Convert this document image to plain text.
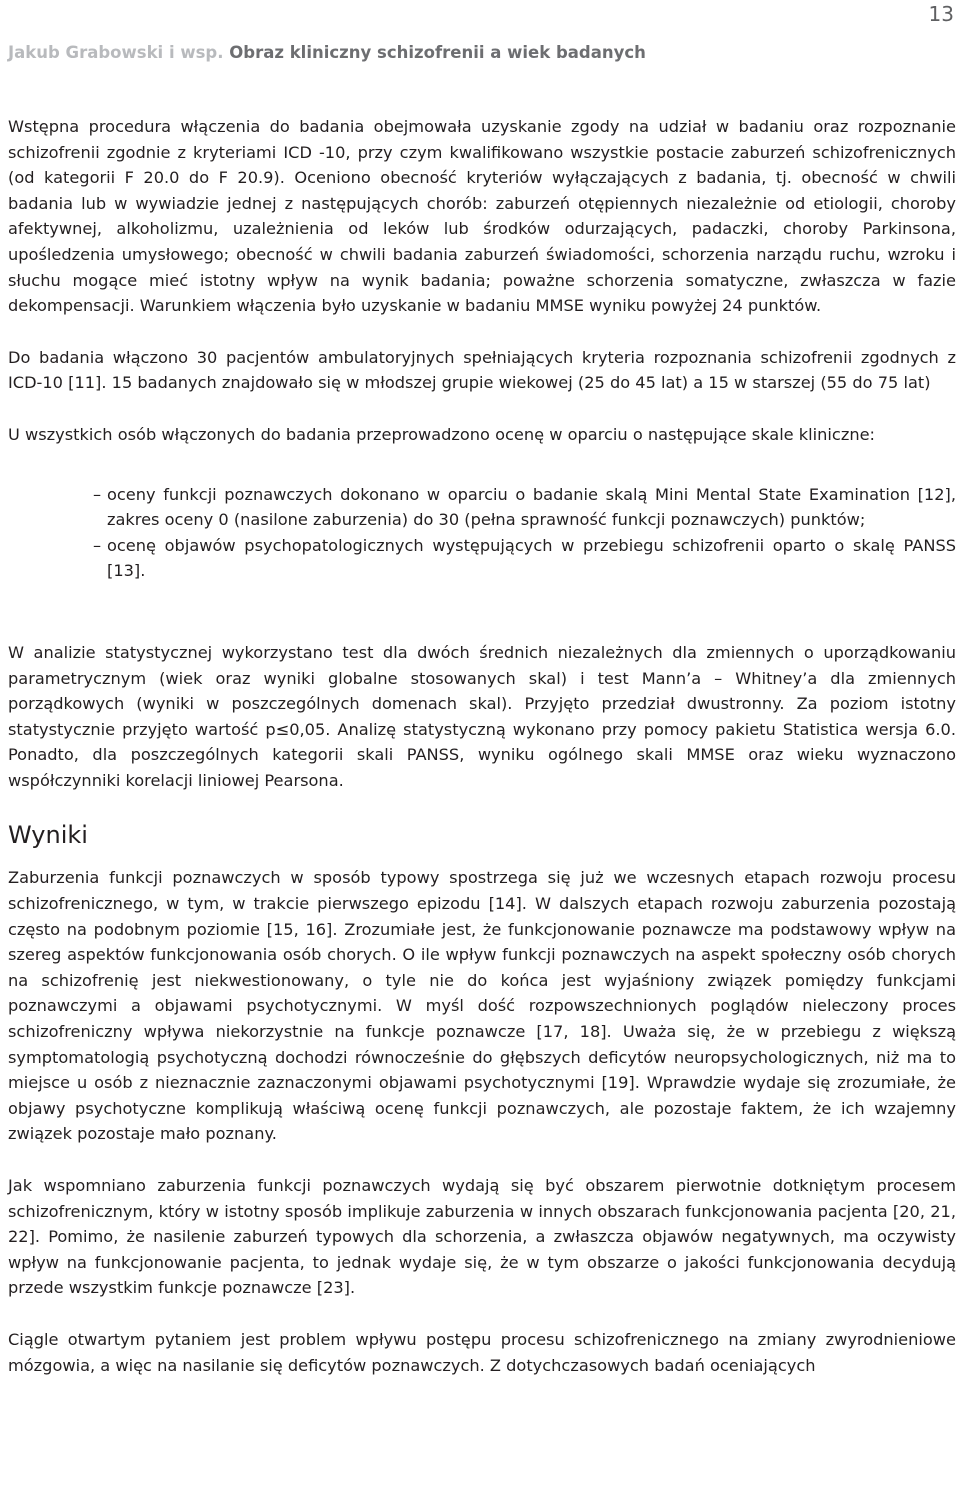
13
Jakub Grabowski i wsp. Obraz kliniczny schizofrenii a wiek badanych

Wstępna procedura włączenia do badania obejmowała uzyskanie zgody na udział w badaniu oraz rozpoznanie schizofrenii zgodnie z kryteriami ICD -10, przy czym kwalifikowano wszystkie postacie zaburzeń schizofrenicznych (od kategorii F 20.0 do F 20.9). Oceniono obecność kryteriów wyłączających z badania, tj. obecność w chwili badania lub w wywiadzie jednej z następujących chorób: zaburzeń otępiennych niezależnie od etiologii, choroby afektywnej, alkoholizmu, uzależnienia od leków lub środków odurzających, padaczki, choroby Parkinsona, upośledzenia umysłowego; obecność w chwili badania zaburzeń świadomości, schorzenia narządu ruchu, wzroku i słuchu mogące mieć istotny wpływ na wynik badania; poważne schorzenia somatyczne, zwłaszcza w fazie dekompensacji. Warunkiem włączenia było uzyskanie w badaniu MMSE wyniku powyżej 24 punktów.

Do badania włączono 30 pacjentów ambulatoryjnych spełniających kryteria rozpoznania schizofrenii zgodnych z ICD-10 [11]. 15 badanych znajdowało się w młodszej grupie wiekowej (25 do 45 lat) a 15 w starszej (55 do 75 lat)

U wszystkich osób włączonych do badania przeprowadzono ocenę w oparciu o następujące skale kliniczne:

– oceny funkcji poznawczych dokonano w oparciu o badanie skalą Mini Mental State Examination [12], zakres oceny 0 (nasilone zaburzenia) do 30 (pełna sprawność funkcji poznawczych) punktów;
– ocenę objawów psychopatologicznych występujących w przebiegu schizofrenii oparto o skalę PANSS [13].

W analizie statystycznej wykorzystano test dla dwóch średnich niezależnych dla zmiennych o uporządkowaniu parametrycznym (wiek oraz wyniki globalne stosowanych skal) i test Mann’a – Whitney’a dla zmiennych porządkowych (wyniki w poszczególnych domenach skal). Przyjęto przedział dwustronny. Za poziom istotny statystycznie przyjęto wartość p≤0,05. Analizę statystyczną wykonano przy pomocy pakietu Statistica wersja 6.0. Ponadto, dla poszczególnych kategorii skali PANSS, wyniku ogólnego skali MMSE oraz wieku wyznaczono współczynniki korelacji liniowej Pearsona.

Wyniki

Zaburzenia funkcji poznawczych w sposób typowy spostrzega się już we wczesnych etapach rozwoju procesu schizofrenicznego, w tym, w trakcie pierwszego epizodu [14]. W dalszych etapach rozwoju zaburzenia pozostają często na podobnym poziomie [15, 16]. Zrozumiałe jest, że funkcjonowanie poznawcze ma podstawowy wpływ na szereg aspektów funkcjonowania osób chorych. O ile wpływ funkcji poznawczych na aspekt społeczny osób chorych na schizofrenię jest niekwestionowany, o tyle nie do końca jest wyjaśniony związek pomiędzy funkcjami poznawczymi a objawami psychotycznymi. W myśl dość rozpowszechnionych poglądów nieleczony proces schizofreniczny wpływa niekorzystnie na funkcje poznawcze [17, 18]. Uważa się, że w przebiegu z większą symptomatologią psychotyczną dochodzi równocześnie do głębszych deficytów neuropsychologicznych, niż ma to miejsce u osób z nieznacznie zaznaczonymi objawami psychotycznymi [19]. Wprawdzie wydaje się zrozumiałe, że objawy psychotyczne komplikują właściwą ocenę funkcji poznawczych, ale pozostaje faktem, że ich wzajemny związek pozostaje mało poznany.

Jak wspomniano zaburzenia funkcji poznawczych wydają się być obszarem pierwotnie dotkniętym procesem schizofrenicznym, który w istotny sposób implikuje zaburzenia w innych obszarach funkcjonowania pacjenta [20, 21, 22]. Pomimo, że nasilenie zaburzeń typowych dla schorzenia, a zwłaszcza objawów negatywnych, ma oczywisty wpływ na funkcjonowanie pacjenta, to jednak wydaje się, że w tym obszarze o jakości funkcjonowania decydują przede wszystkim funkcje poznawcze [23].

Ciągle otwartym pytaniem jest problem wpływu postępu procesu schizofrenicznego na zmiany zwyrodnieniowe mózgowia, a więc na nasilanie się deficytów poznawczych. Z dotychczasowych badań oceniających
